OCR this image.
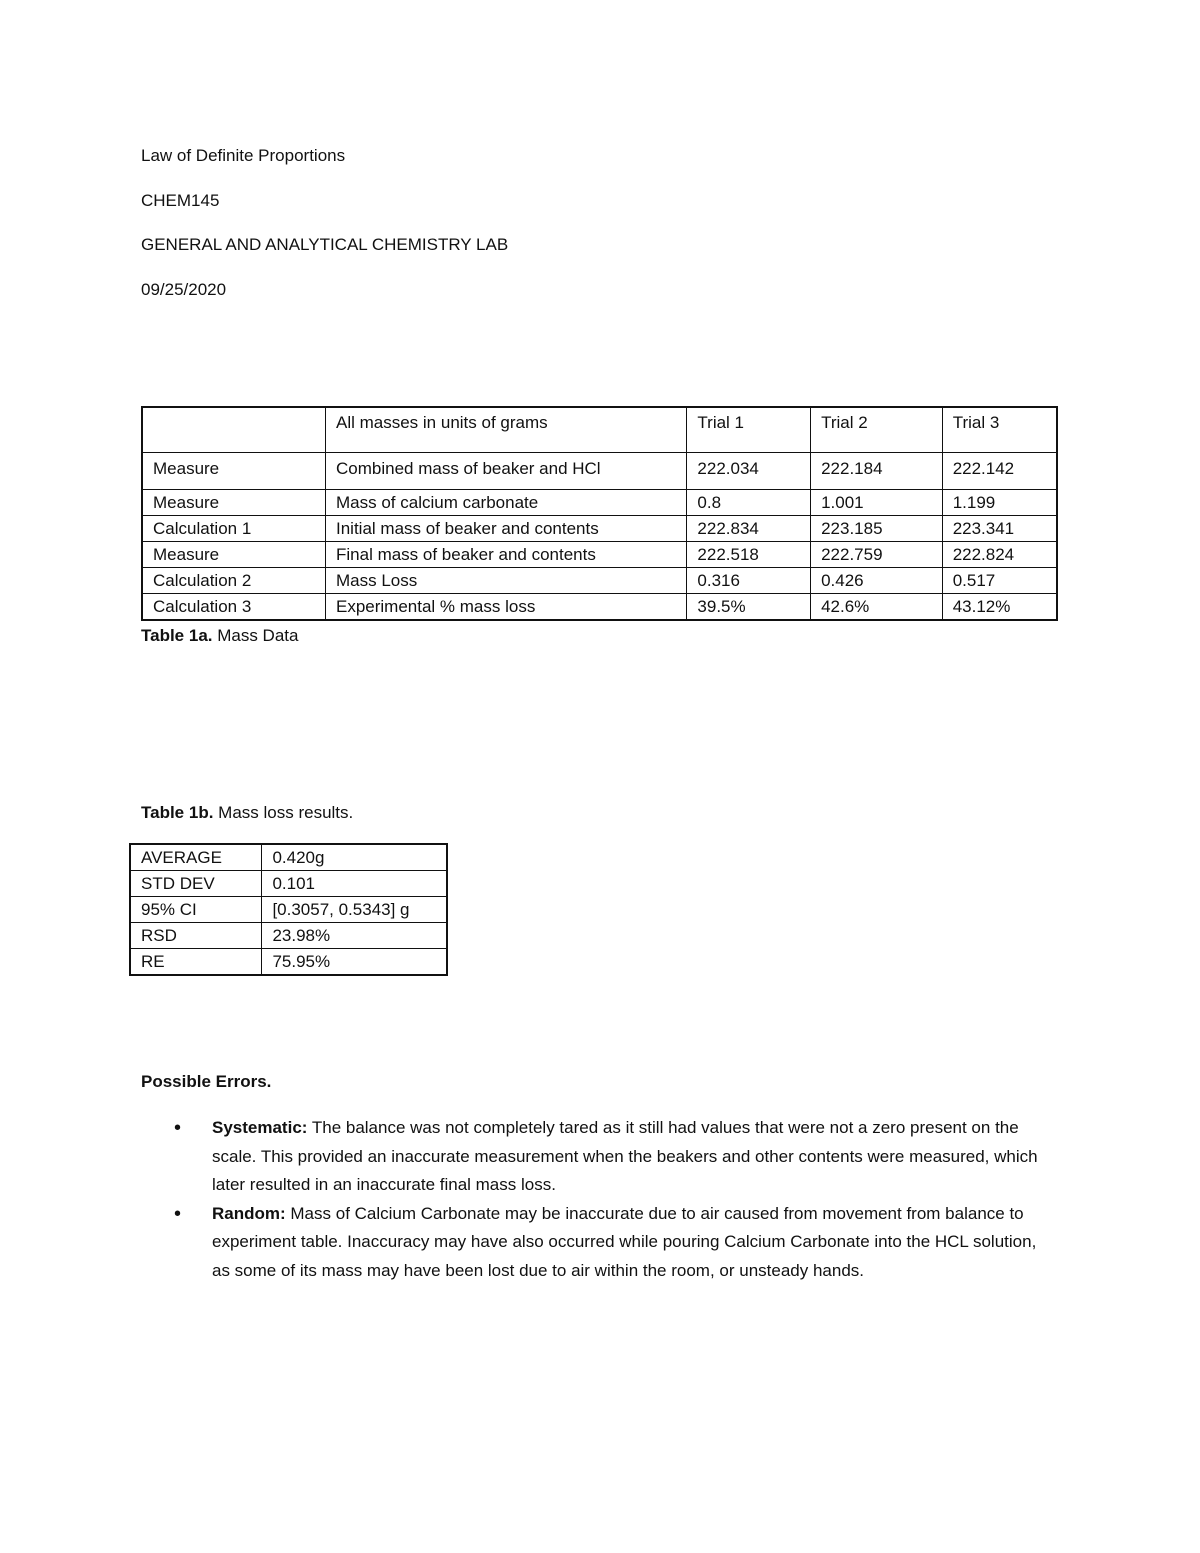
Law of Definite Proportions

CHEM145

GENERAL AND ANALYTICAL CHEMISTRY LAB

09/25/2020

	All masses in units of grams	Trial 1	Trial 2	Trial 3
Measure	Combined mass of beaker and HCl	222.034	222.184	222.142
Measure	Mass of calcium carbonate	0.8	1.001	1.199
Calculation 1	Initial mass of beaker and contents	222.834	223.185	223.341
Measure	Final mass of beaker and contents	222.518	222.759	222.824
Calculation 2	Mass Loss	0.316	0.426	0.517
Calculation 3	Experimental % mass loss	39.5%	42.6%	43.12%

Table 1a. Mass Data

Table 1b. Mass loss results.

AVERAGE	0.420g
STD DEV	0.101
95% CI	[0.3057, 0.5343] g
RSD	23.98%
RE	75.95%

Possible Errors.

• Systematic: The balance was not completely tared as it still had values that were not a zero present on the scale. This provided an inaccurate measurement when the beakers and other contents were measured, which later resulted in an inaccurate final mass loss.
• Random: Mass of Calcium Carbonate may be inaccurate due to air caused from movement from balance to experiment table. Inaccuracy may have also occurred while pouring Calcium Carbonate into the HCL solution, as some of its mass may have been lost due to air within the room, or unsteady hands.
